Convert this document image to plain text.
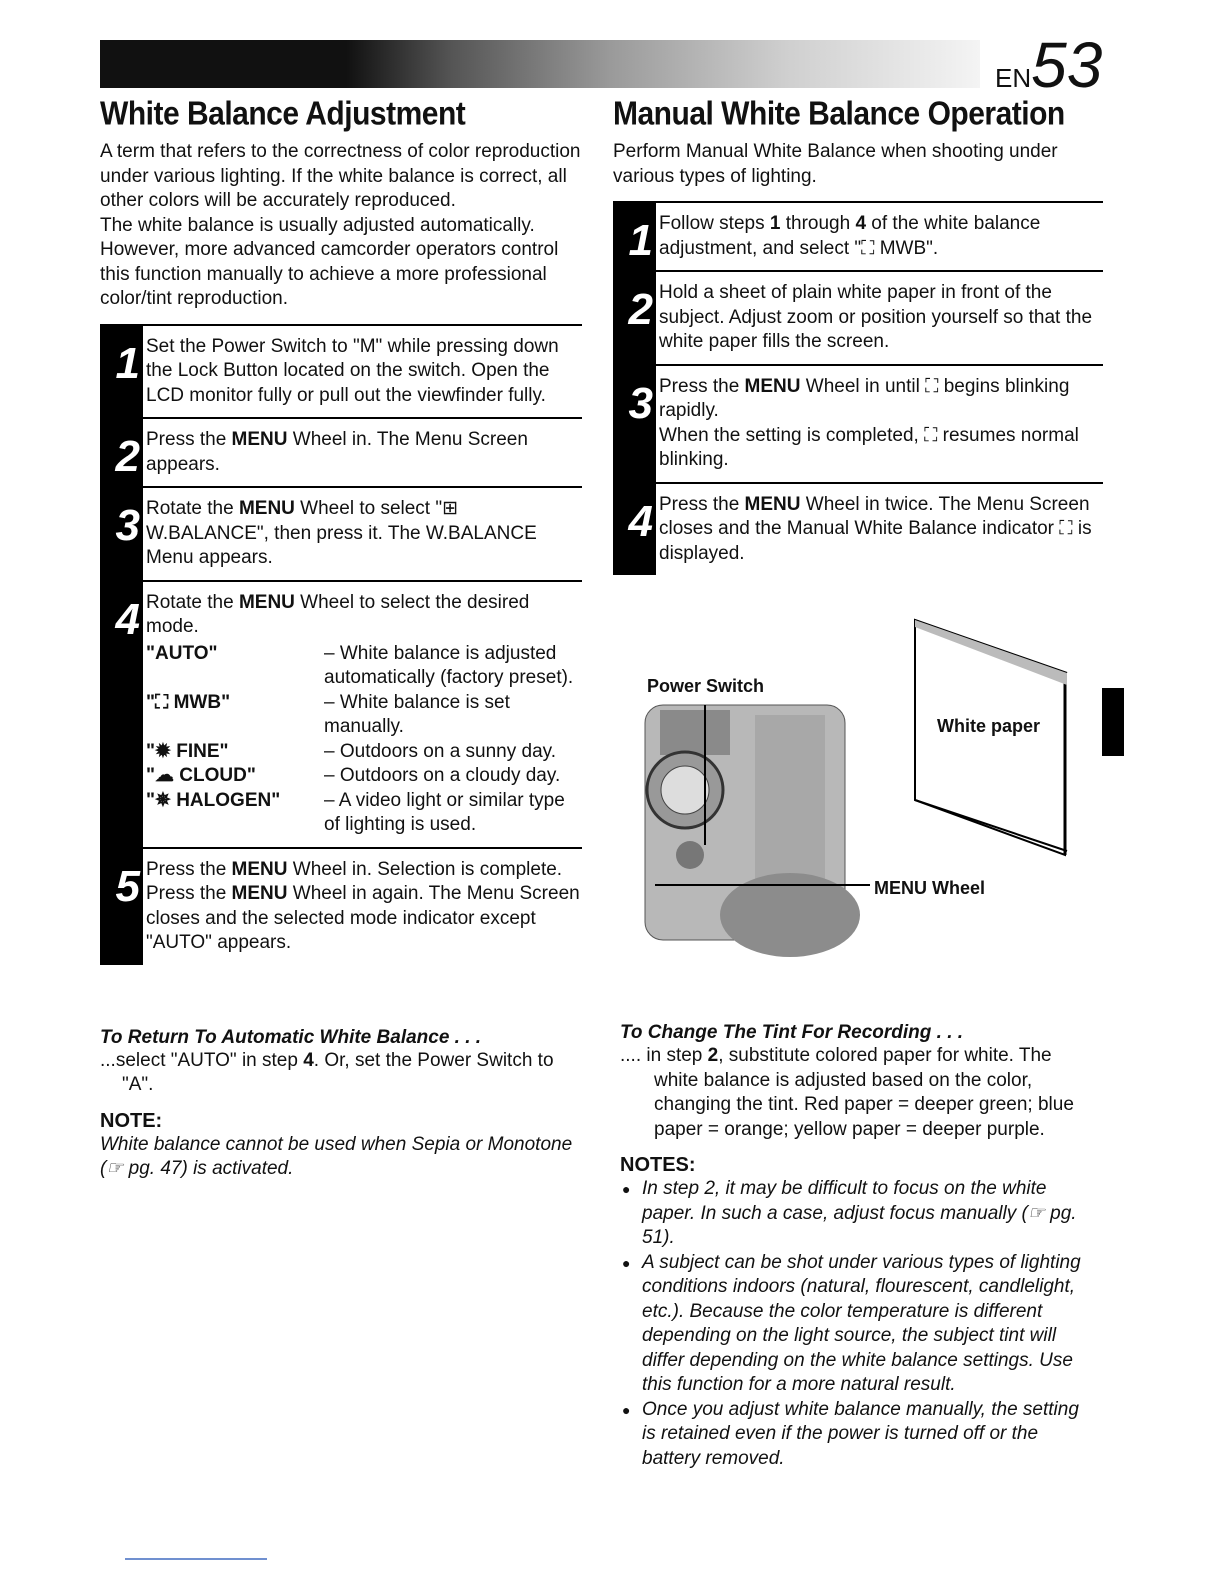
EN53
White Balance Adjustment

A term that refers to the correctness of color reproduction under various lighting. If the white balance is correct, all other colors will be accurately reproduced.

The white balance is usually adjusted automatically. However, more advanced camcorder operators control this function manually to achieve a more professional color/tint reproduction.

1 Set the Power Switch to "M" while pressing down the Lock Button located on the switch. Open the LCD monitor fully or pull out the viewfinder fully.
2 Press the MENU Wheel in. The Menu Screen appears.
3 Rotate the MENU Wheel to select "⊞ W.BALANCE", then press it. The W.BALANCE Menu appears.
4 Rotate the MENU Wheel to select the desired mode.
"AUTO"	– White balance is adjusted automatically (factory preset).
"⛶ MWB"	– White balance is set manually.
"✹ FINE"	– Outdoors on a sunny day.
"☁ CLOUD"	– Outdoors on a cloudy day.
"✵ HALOGEN"	– A video light or similar type of lighting is used.
5 Press the MENU Wheel in. Selection is complete. Press the MENU Wheel in again. The Menu Screen closes and the selected mode indicator except "AUTO" appears.

To Return To Automatic White Balance . . .

...select "AUTO" in step 4. Or, set the Power Switch to "A".

NOTE:

White balance cannot be used when Sepia or Monotone (☞ pg. 47) is activated.

Manual White Balance Operation

Perform Manual White Balance when shooting under various types of lighting.

1 Follow steps 1 through 4 of the white balance adjustment, and select "⛶ MWB".
2 Hold a sheet of plain white paper in front of the subject. Adjust zoom or position yourself so that the white paper fills the screen.
3 Press the MENU Wheel in until ⛶ begins blinking rapidly.
When the setting is completed, ⛶ resumes normal blinking.
4 Press the MENU Wheel in twice. The Menu Screen closes and the Manual White Balance indicator ⛶ is displayed.
Power Switch
White paper
MENU Wheel

To Change The Tint For Recording . . .

.... in step 2, substitute colored paper for white. The white balance is adjusted based on the color, changing the tint. Red paper = deeper green; blue paper = orange; yellow paper = deeper purple.

NOTES:

● In step 2, it may be difficult to focus on the white paper. In such a case, adjust focus manually (☞ pg. 51).
● A subject can be shot under various types of lighting conditions indoors (natural, flourescent, candlelight, etc.). Because the color temperature is different depending on the light source, the subject tint will differ depending on the white balance settings. Use this function for a more natural result.
● Once you adjust white balance manually, the setting is retained even if the power is turned off or the battery removed.
